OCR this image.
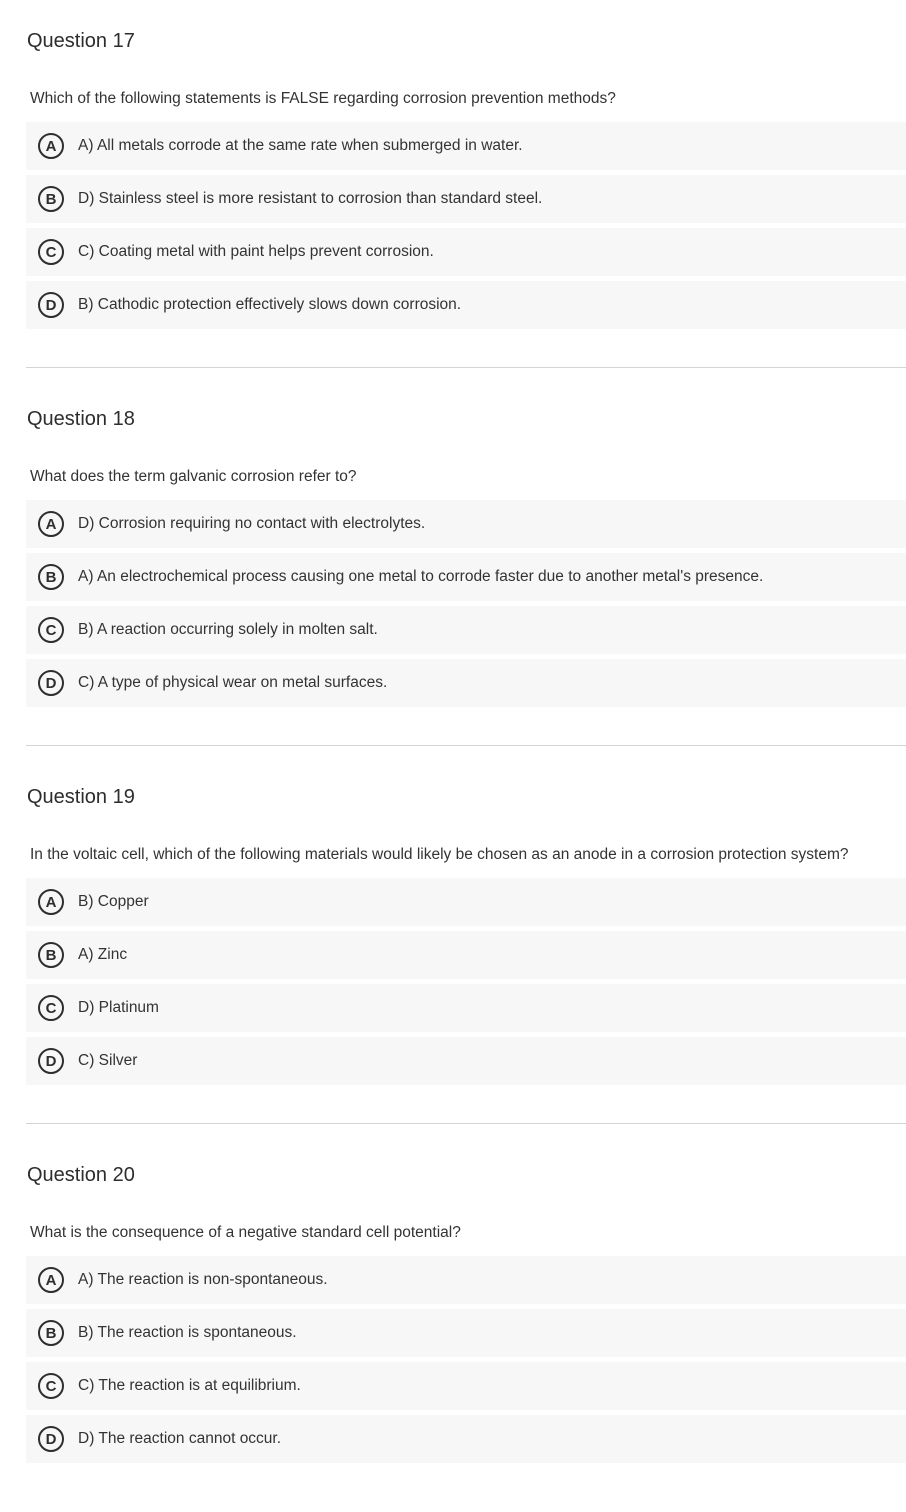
Question 17

Which of the following statements is FALSE regarding corrosion prevention methods?

A	A) All metals corrode at the same rate when submerged in water.
B	D) Stainless steel is more resistant to corrosion than standard steel.
C	C) Coating metal with paint helps prevent corrosion.
D	B) Cathodic protection effectively slows down corrosion.
Question 18

What does the term galvanic corrosion refer to?

A	D) Corrosion requiring no contact with electrolytes.
B	A) An electrochemical process causing one metal to corrode faster due to another metal's presence.
C	B) A reaction occurring solely in molten salt.
D	C) A type of physical wear on metal surfaces.
Question 19

In the voltaic cell, which of the following materials would likely be chosen as an anode in a corrosion protection system?

A	B) Copper
B	A) Zinc
C	D) Platinum
D	C) Silver
Question 20

What is the consequence of a negative standard cell potential?

A	A) The reaction is non-spontaneous.
B	B) The reaction is spontaneous.
C	C) The reaction is at equilibrium.
D	D) The reaction cannot occur.
